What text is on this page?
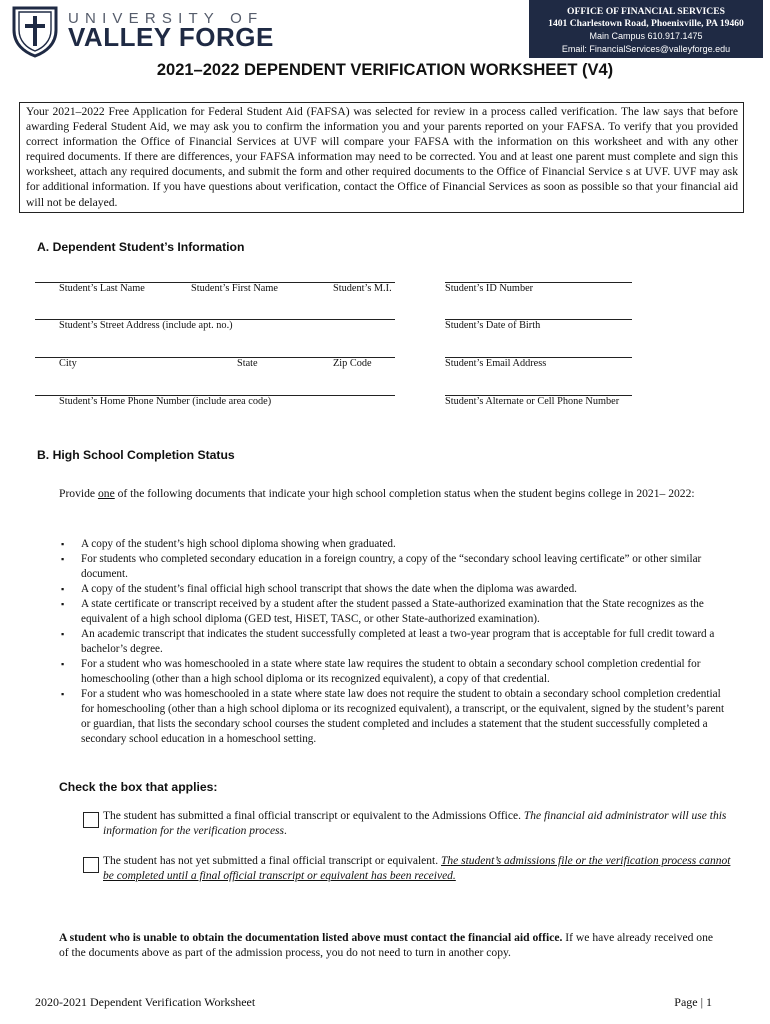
UNIVERSITY OF
VALLEY FORGE
OFFICE OF FINANCIAL SERVICES
1401 Charlestown Road, Phoenixville, PA 19460
Main Campus 610.917.1475
Email: FinancialServices@valleyforge.edu
2021–2022 DEPENDENT VERIFICATION WORKSHEET (V4)
Your 2021–2022 Free Application for Federal Student Aid (FAFSA) was selected for review in a process called verification. The law says that before awarding Federal Student Aid, we may ask you to confirm the information you and your parents reported on your FAFSA. To verify that you provided correct information the Office of Financial Services at UVF will compare your FAFSA with the information on this worksheet and with any other required documents. If there are differences, your FAFSA information may need to be corrected. You and at least one parent must complete and sign this worksheet, attach any required documents, and submit the form and other required documents to the Office of Financial Service s at UVF. UVF may ask for additional information. If you have questions about verification, contact the Office of Financial Services as soon as possible so that your financial aid will not be delayed.
A. Dependent Student’s Information
Student’s Last Name	Student’s First Name	Student’s M.I.	Student’s ID Number
Student’s Street Address (include apt. no.)	Student’s Date of Birth
City	State	Zip Code	Student’s Email Address
Student’s Home Phone Number (include area code)	Student’s Alternate or Cell Phone Number
B. High School Completion Status
Provide one of the following documents that indicate your high school completion status when the student begins college in 2021– 2022:
▪ A copy of the student’s high school diploma showing when graduated.
▪ For students who completed secondary education in a foreign country, a copy of the “secondary school leaving certificate” or other similar document.
▪ A copy of the student’s final official high school transcript that shows the date when the diploma was awarded.
▪ A state certificate or transcript received by a student after the student passed a State-authorized examination that the State recognizes as the equivalent of a high school diploma (GED test, HiSET, TASC, or other State-authorized examination).
▪ An academic transcript that indicates the student successfully completed at least a two-year program that is acceptable for full credit toward a bachelor’s degree.
▪ For a student who was homeschooled in a state where state law requires the student to obtain a secondary school completion credential for homeschooling (other than a high school diploma or its recognized equivalent), a copy of that credential.
▪ For a student who was homeschooled in a state where state law does not require the student to obtain a secondary school completion credential for homeschooling (other than a high school diploma or its recognized equivalent), a transcript, or the equivalent, signed by the student’s parent or guardian, that lists the secondary school courses the student completed and includes a statement that the student successfully completed a secondary school education in a homeschool setting.
Check the box that applies:
The student has submitted a final official transcript or equivalent to the Admissions Office. The financial aid administrator will use this information for the verification process.
The student has not yet submitted a final official transcript or equivalent. The student’s admissions file or the verification process cannot be completed until a final official transcript or equivalent has been received.
A student who is unable to obtain the documentation listed above must contact the financial aid office. If we have already received one of the documents above as part of the admission process, you do not need to turn in another copy.
2020-2021 Dependent Verification Worksheet	Page | 1
